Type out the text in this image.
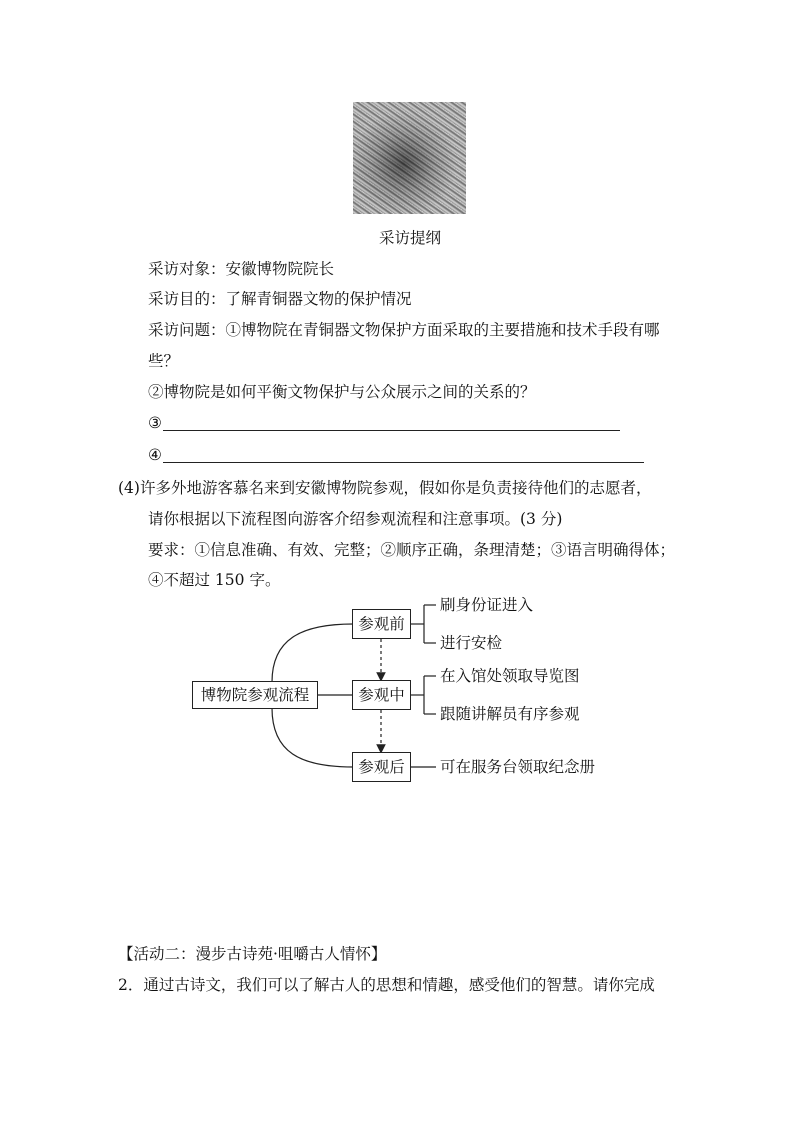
采访提纲
采访对象：安徽博物院院长
采访目的：了解青铜器文物的保护情况
采访问题：①博物院在青铜器文物保护方面采取的主要措施和技术手段有哪
些？
②博物院是如何平衡文物保护与公众展示之间的关系的？
③
④
(4)许多外地游客慕名来到安徽博物院参观，假如你是负责接待他们的志愿者，
请你根据以下流程图向游客介绍参观流程和注意事项。(3 分)
要求：①信息准确、有效、完整；②顺序正确，条理清楚；③语言明确得体；
④不超过 150 字。
博物院参观流程
参观前
参观中
参观后
刷身份证进入
进行安检
在入馆处领取导览图
跟随讲解员有序参观
可在服务台领取纪念册
【活动二：漫步古诗苑·咀嚼古人情怀】
2．通过古诗文，我们可以了解古人的思想和情趣，感受他们的智慧。请你完成
